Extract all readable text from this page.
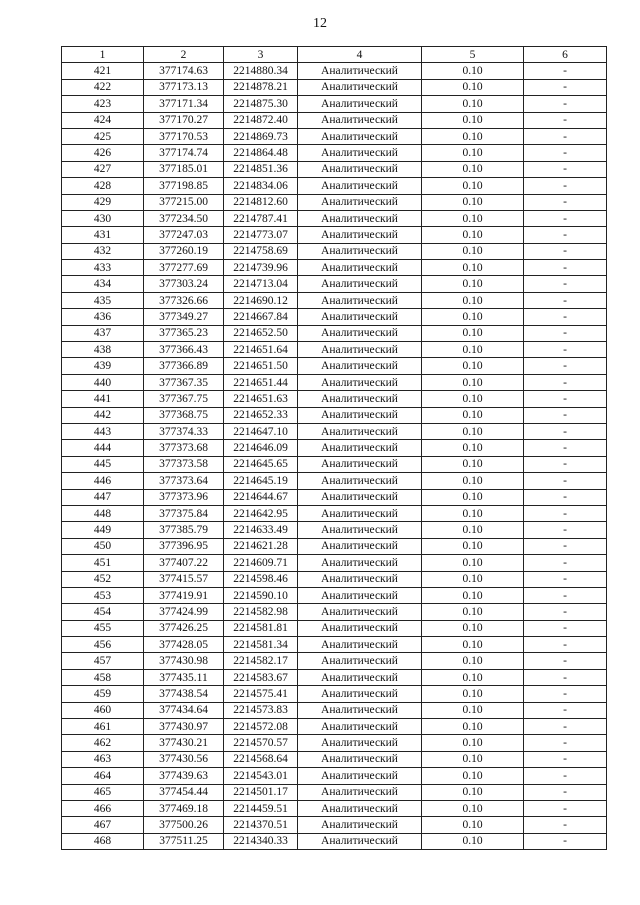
12
1	2	3	4	5	6
421	377174.63	2214880.34	Аналитический	0.10	-
422	377173.13	2214878.21	Аналитический	0.10	-
423	377171.34	2214875.30	Аналитический	0.10	-
424	377170.27	2214872.40	Аналитический	0.10	-
425	377170.53	2214869.73	Аналитический	0.10	-
426	377174.74	2214864.48	Аналитический	0.10	-
427	377185.01	2214851.36	Аналитический	0.10	-
428	377198.85	2214834.06	Аналитический	0.10	-
429	377215.00	2214812.60	Аналитический	0.10	-
430	377234.50	2214787.41	Аналитический	0.10	-
431	377247.03	2214773.07	Аналитический	0.10	-
432	377260.19	2214758.69	Аналитический	0.10	-
433	377277.69	2214739.96	Аналитический	0.10	-
434	377303.24	2214713.04	Аналитический	0.10	-
435	377326.66	2214690.12	Аналитический	0.10	-
436	377349.27	2214667.84	Аналитический	0.10	-
437	377365.23	2214652.50	Аналитический	0.10	-
438	377366.43	2214651.64	Аналитический	0.10	-
439	377366.89	2214651.50	Аналитический	0.10	-
440	377367.35	2214651.44	Аналитический	0.10	-
441	377367.75	2214651.63	Аналитический	0.10	-
442	377368.75	2214652.33	Аналитический	0.10	-
443	377374.33	2214647.10	Аналитический	0.10	-
444	377373.68	2214646.09	Аналитический	0.10	-
445	377373.58	2214645.65	Аналитический	0.10	-
446	377373.64	2214645.19	Аналитический	0.10	-
447	377373.96	2214644.67	Аналитический	0.10	-
448	377375.84	2214642.95	Аналитический	0.10	-
449	377385.79	2214633.49	Аналитический	0.10	-
450	377396.95	2214621.28	Аналитический	0.10	-
451	377407.22	2214609.71	Аналитический	0.10	-
452	377415.57	2214598.46	Аналитический	0.10	-
453	377419.91	2214590.10	Аналитический	0.10	-
454	377424.99	2214582.98	Аналитический	0.10	-
455	377426.25	2214581.81	Аналитический	0.10	-
456	377428.05	2214581.34	Аналитический	0.10	-
457	377430.98	2214582.17	Аналитический	0.10	-
458	377435.11	2214583.67	Аналитический	0.10	-
459	377438.54	2214575.41	Аналитический	0.10	-
460	377434.64	2214573.83	Аналитический	0.10	-
461	377430.97	2214572.08	Аналитический	0.10	-
462	377430.21	2214570.57	Аналитический	0.10	-
463	377430.56	2214568.64	Аналитический	0.10	-
464	377439.63	2214543.01	Аналитический	0.10	-
465	377454.44	2214501.17	Аналитический	0.10	-
466	377469.18	2214459.51	Аналитический	0.10	-
467	377500.26	2214370.51	Аналитический	0.10	-
468	377511.25	2214340.33	Аналитический	0.10	-
